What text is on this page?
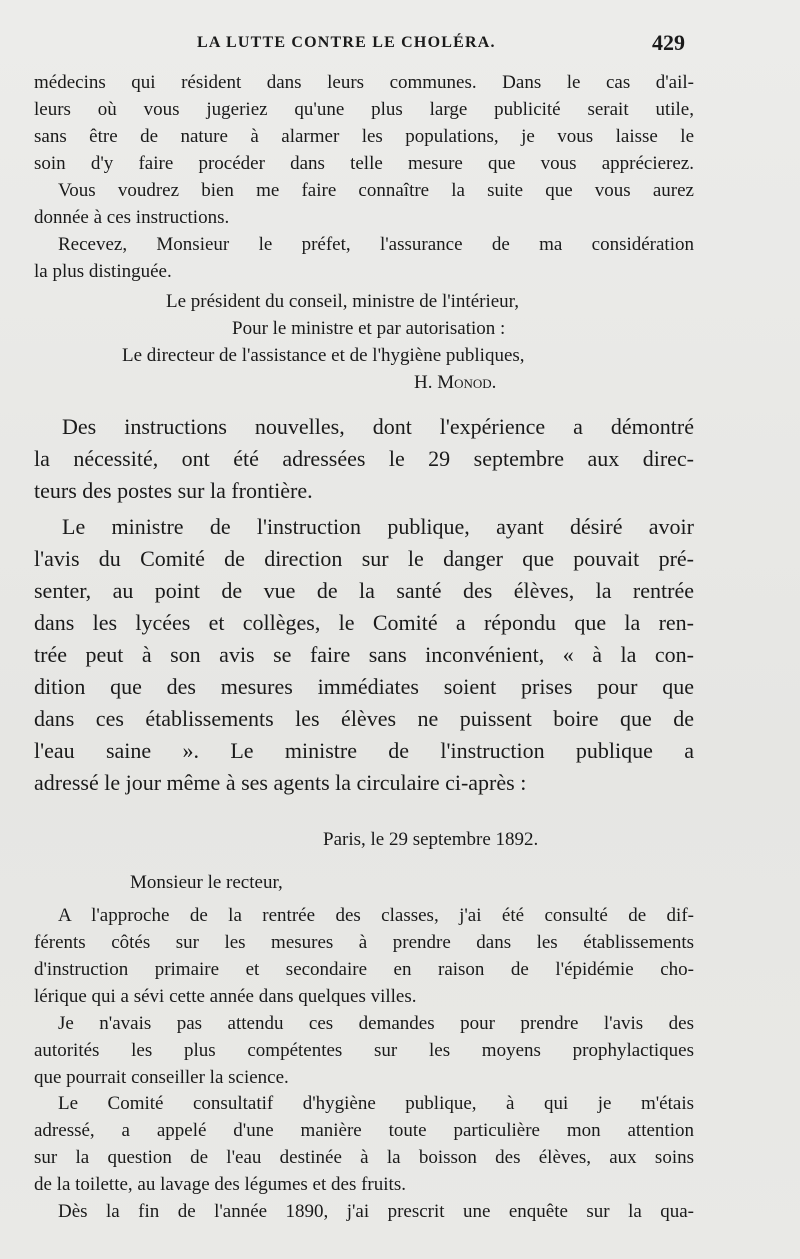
LA LUTTE CONTRE LE CHOLÉRA.	429
médecins qui résident dans leurs communes. Dans le cas d'ail-
leurs où vous jugeriez qu'une plus large publicité serait utile,
sans être de nature à alarmer les populations, je vous laisse le
soin d'y faire procéder dans telle mesure que vous apprécierez.
Vous voudrez bien me faire connaître la suite que vous aurez
donnée à ces instructions.
Recevez, Monsieur le préfet, l'assurance de ma considération
la plus distinguée.
Le président du conseil, ministre de l'intérieur,
Pour le ministre et par autorisation :
Le directeur de l'assistance et de l'hygiène publiques,
H. Monod.
Des instructions nouvelles, dont l'expérience a démontré
la nécessité, ont été adressées le 29 septembre aux direc-
teurs des postes sur la frontière.
Le ministre de l'instruction publique, ayant désiré avoir
l'avis du Comité de direction sur le danger que pouvait pré-
senter, au point de vue de la santé des élèves, la rentrée
dans les lycées et collèges, le Comité a répondu que la ren-
trée peut à son avis se faire sans inconvénient, « à la con-
dition que des mesures immédiates soient prises pour que
dans ces établissements les élèves ne puissent boire que de
l'eau saine ». Le ministre de l'instruction publique a
adressé le jour même à ses agents la circulaire ci-après :
Paris, le 29 septembre 1892.
Monsieur le recteur,
A l'approche de la rentrée des classes, j'ai été consulté de dif-
férents côtés sur les mesures à prendre dans les établissements
d'instruction primaire et secondaire en raison de l'épidémie cho-
lérique qui a sévi cette année dans quelques villes.
Je n'avais pas attendu ces demandes pour prendre l'avis des
autorités les plus compétentes sur les moyens prophylactiques
que pourrait conseiller la science.
Le Comité consultatif d'hygiène publique, à qui je m'étais
adressé, a appelé d'une manière toute particulière mon attention
sur la question de l'eau destinée à la boisson des élèves, aux soins
de la toilette, au lavage des légumes et des fruits.
Dès la fin de l'année 1890, j'ai prescrit une enquête sur la qua-
